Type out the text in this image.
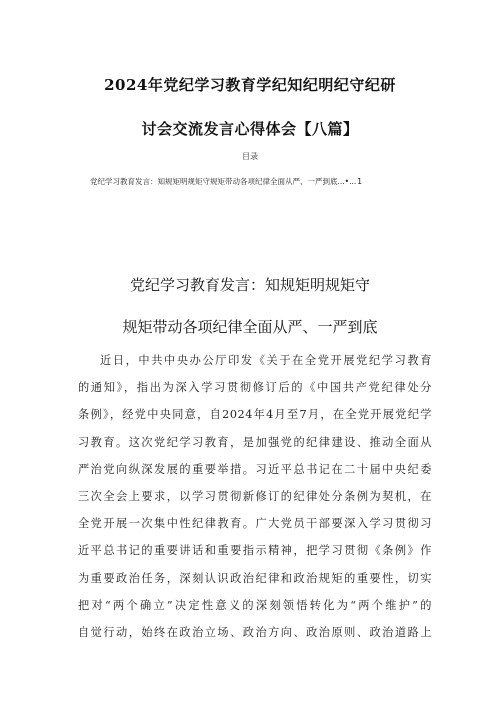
2024年党纪学习教育学纪知纪明纪守纪研
讨会交流发言心得体会【八篇】
目录
党纪学习教育发言：知规矩明规矩守规矩带动各项纪律全面从严、一严到底...•... 1
党纪学习教育发言：知规矩明规矩守
规矩带动各项纪律全面从严、一严到底
近日，中共中央办公厅印发《关于在全党开展党纪学习教育
的通知》，指出为深入学习贯彻修订后的《中国共产党纪律处分
条例》，经党中央同意，自2024年4月至7月，在全党开展党纪学
习教育。这次党纪学习教育，是加强党的纪律建设、推动全面从
严治党向纵深发展的重要举措。习近平总书记在二十届中央纪委
三次全会上要求，以学习贯彻新修订的纪律处分条例为契机，在
全党开展一次集中性纪律教育。广大党员干部要深入学习贯彻习
近平总书记的重要讲话和重要指示精神，把学习贯彻《条例》作
为重要政治任务，深刻认识政治纪律和政治规矩的重要性，切实
把对“两个确立”决定性意义的深刻领悟转化为“两个维护”的
自觉行动，始终在政治立场、政治方向、政治原则、政治道路上
